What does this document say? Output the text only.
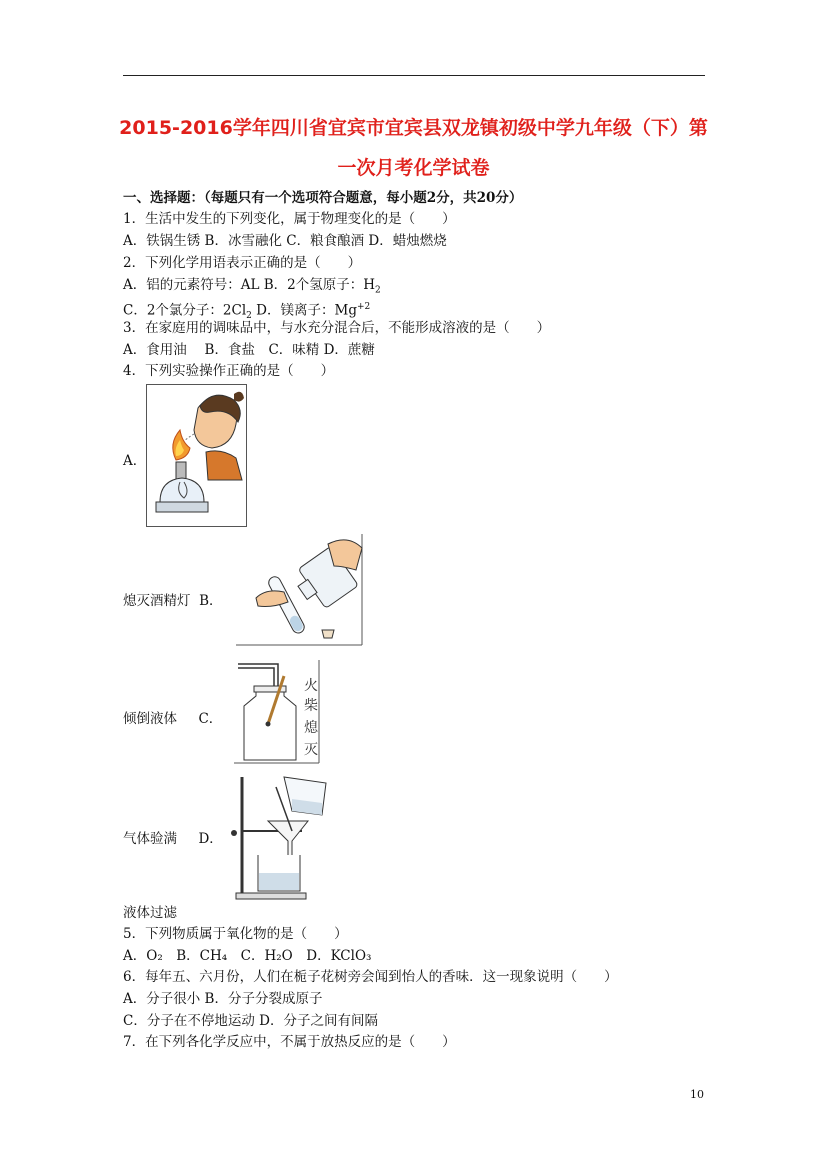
2015-2016学年四川省宜宾市宜宾县双龙镇初级中学九年级（下）第
一次月考化学试卷
一、选择题：（每题只有一个选项符合题意，每小题2分，共20分）
1．生活中发生的下列变化，属于物理变化的是（　　）
A．铁锅生锈 B．冰雪融化 C．粮食酿酒 D．蜡烛燃烧
2．下列化学用语表示正确的是（　　）
A．铝的元素符号：AL B．2个氢原子：$H_2$
C．2个氯分子：$2Cl_2$ D．镁离子：$Mg^{+2}$
3．在家庭用的调味品中，与水充分混合后，不能形成溶液的是（　　）
A．食用油　 B．食盐　C．味精 D．蔗糖
4．下列实验操作正确的是（　　）
A．
熄灭酒精灯 B．
倾倒液体 C．
火
柴
熄
灭
气体验满 D．
液体过滤
5．下列物质属于氧化物的是（　　）
A．O₂　B．CH₄　C．H₂O　D．KClO₃
6．每年五、六月份，人们在栀子花树旁会闻到怡人的香味．这一现象说明（　　）
A．分子很小 B．分子分裂成原子
C．分子在不停地运动 D．分子之间有间隔
7．在下列各化学反应中，不属于放热反应的是（　　）
10
